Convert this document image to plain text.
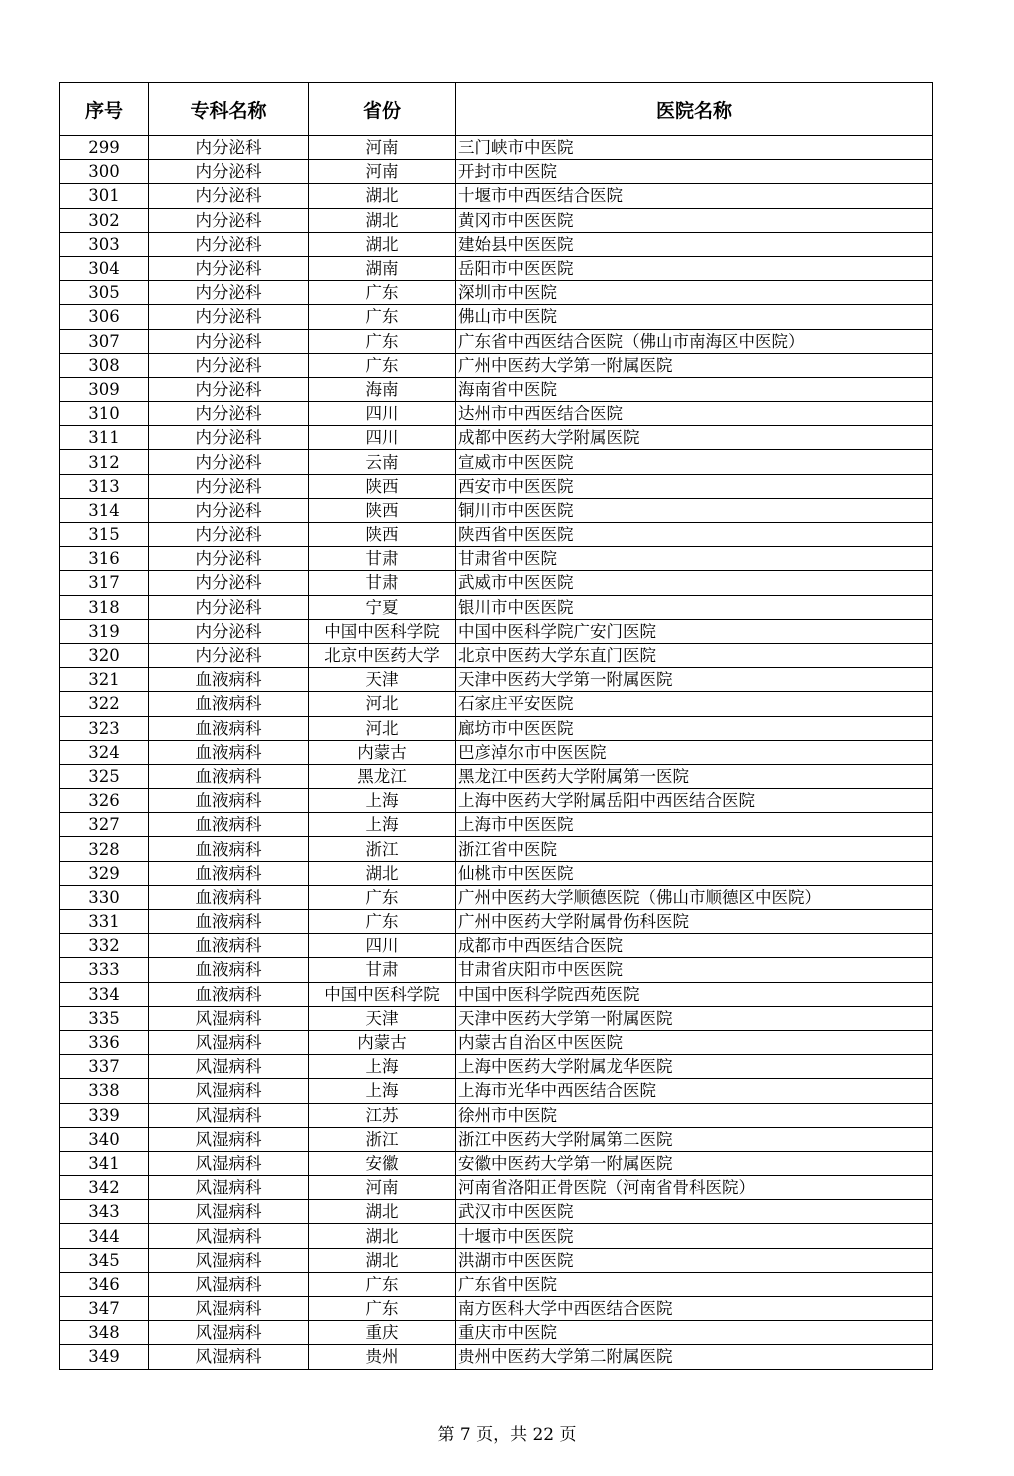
序号	专科名称	省份	医院名称
299	内分泌科	河南	三门峡市中医院
300	内分泌科	河南	开封市中医院
301	内分泌科	湖北	十堰市中西医结合医院
302	内分泌科	湖北	黄冈市中医医院
303	内分泌科	湖北	建始县中医医院
304	内分泌科	湖南	岳阳市中医医院
305	内分泌科	广东	深圳市中医院
306	内分泌科	广东	佛山市中医院
307	内分泌科	广东	广东省中西医结合医院（佛山市南海区中医院）
308	内分泌科	广东	广州中医药大学第一附属医院
309	内分泌科	海南	海南省中医院
310	内分泌科	四川	达州市中西医结合医院
311	内分泌科	四川	成都中医药大学附属医院
312	内分泌科	云南	宣威市中医医院
313	内分泌科	陕西	西安市中医医院
314	内分泌科	陕西	铜川市中医医院
315	内分泌科	陕西	陕西省中医医院
316	内分泌科	甘肃	甘肃省中医院
317	内分泌科	甘肃	武威市中医医院
318	内分泌科	宁夏	银川市中医医院
319	内分泌科	中国中医科学院	中国中医科学院广安门医院
320	内分泌科	北京中医药大学	北京中医药大学东直门医院
321	血液病科	天津	天津中医药大学第一附属医院
322	血液病科	河北	石家庄平安医院
323	血液病科	河北	廊坊市中医医院
324	血液病科	内蒙古	巴彦淖尔市中医医院
325	血液病科	黑龙江	黑龙江中医药大学附属第一医院
326	血液病科	上海	上海中医药大学附属岳阳中西医结合医院
327	血液病科	上海	上海市中医医院
328	血液病科	浙江	浙江省中医院
329	血液病科	湖北	仙桃市中医医院
330	血液病科	广东	广州中医药大学顺德医院（佛山市顺德区中医院）
331	血液病科	广东	广州中医药大学附属骨伤科医院
332	血液病科	四川	成都市中西医结合医院
333	血液病科	甘肃	甘肃省庆阳市中医医院
334	血液病科	中国中医科学院	中国中医科学院西苑医院
335	风湿病科	天津	天津中医药大学第一附属医院
336	风湿病科	内蒙古	内蒙古自治区中医医院
337	风湿病科	上海	上海中医药大学附属龙华医院
338	风湿病科	上海	上海市光华中西医结合医院
339	风湿病科	江苏	徐州市中医院
340	风湿病科	浙江	浙江中医药大学附属第二医院
341	风湿病科	安徽	安徽中医药大学第一附属医院
342	风湿病科	河南	河南省洛阳正骨医院（河南省骨科医院）
343	风湿病科	湖北	武汉市中医医院
344	风湿病科	湖北	十堰市中医医院
345	风湿病科	湖北	洪湖市中医医院
346	风湿病科	广东	广东省中医院
347	风湿病科	广东	南方医科大学中西医结合医院
348	风湿病科	重庆	重庆市中医院
349	风湿病科	贵州	贵州中医药大学第二附属医院
第 7 页，共 22 页
